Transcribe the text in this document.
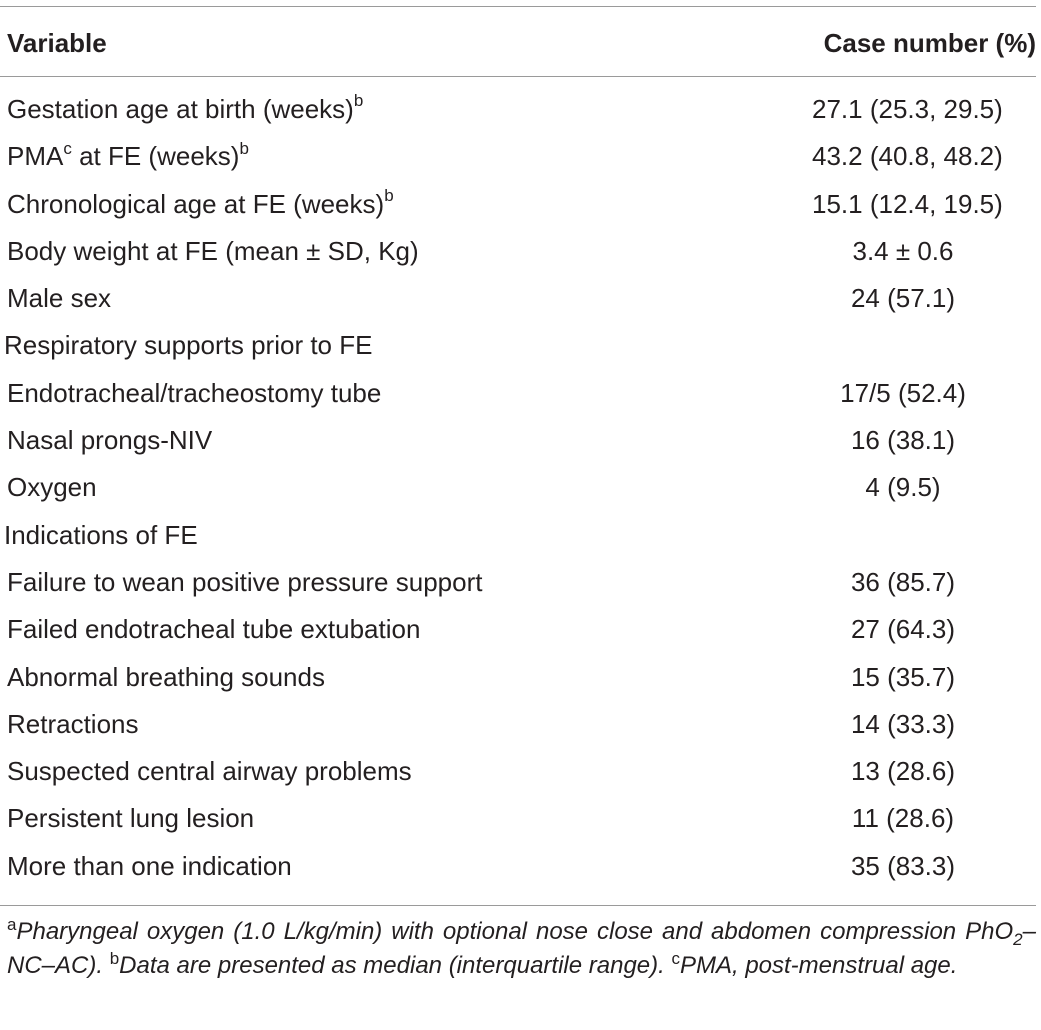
Variable	Case number (%)
Gestation age at birth (weeks)$^b$	27.1 (25.3, 29.5)
PMA$^c$ at FE (weeks)$^b$	43.2 (40.8, 48.2)
Chronological age at FE (weeks)$^b$	15.1 (12.4, 19.5)
Body weight at FE (mean ± SD, Kg)	3.4 ± 0.6
Male sex	24 (57.1)
Respiratory supports prior to FE
Endotracheal/tracheostomy tube	17/5 (52.4)
Nasal prongs-NIV	16 (38.1)
Oxygen	4 (9.5)
Indications of FE
Failure to wean positive pressure support	36 (85.7)
Failed endotracheal tube extubation	27 (64.3)
Abnormal breathing sounds	15 (35.7)
Retractions	14 (33.3)
Suspected central airway problems	13 (28.6)
Persistent lung lesion	11 (28.6)
More than one indication	35 (83.3)
$^a$Pharyngeal oxygen (1.0 L/kg/min) with optional nose close and abdomen compression PhO$_2$–NC–AC). $^b$Data are presented as median (interquartile range). $^c$PMA, post-menstrual age.
